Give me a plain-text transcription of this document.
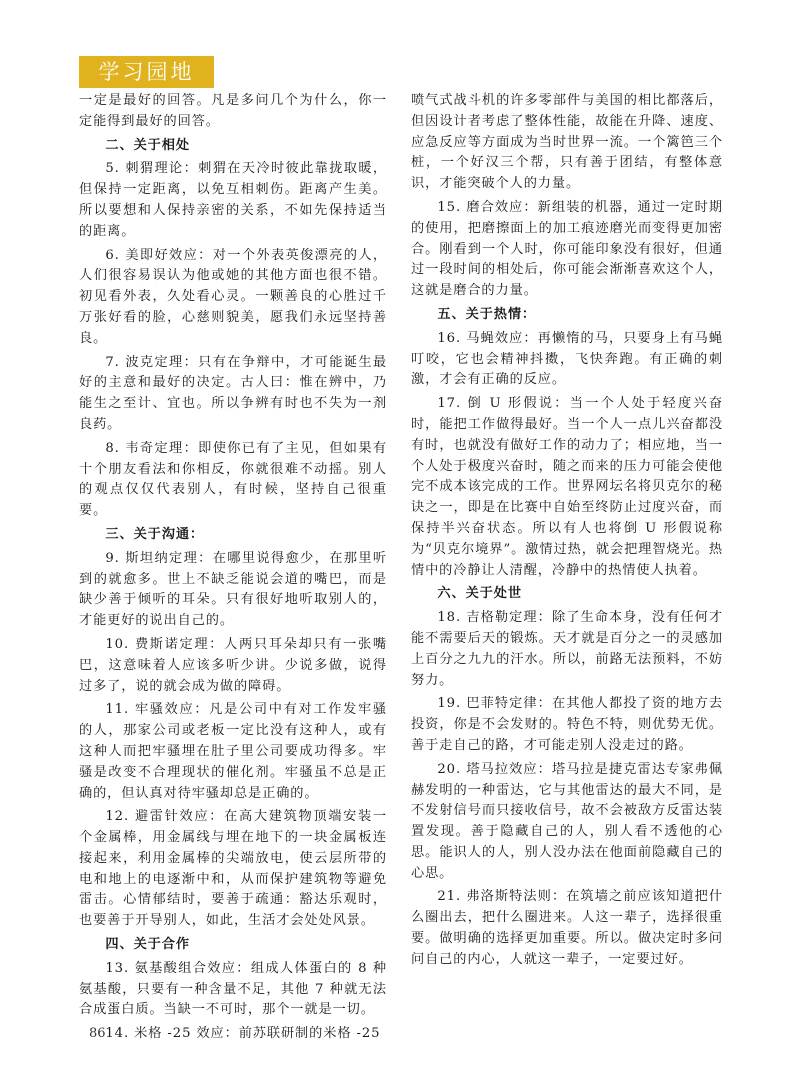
学习园地

一定是最好的回答。凡是多问几个为什么，你一定能得到最好的回答。

二、关于相处

5. 刺猬理论：刺猬在天冷时彼此靠拢取暖，但保持一定距离，以免互相刺伤。距离产生美。所以要想和人保持亲密的关系，不如先保持适当的距离。

6. 美即好效应：对一个外表英俊漂亮的人，人们很容易误认为他或她的其他方面也很不错。初见看外表，久处看心灵。一颗善良的心胜过千万张好看的脸，心慈则貌美，愿我们永远坚持善良。

7. 波克定理：只有在争辩中，才可能诞生最好的主意和最好的决定。古人曰：惟在辨中，乃能生之至计、宜也。所以争辨有时也不失为一剂良药。

8. 韦奇定理：即使你已有了主见，但如果有十个朋友看法和你相反，你就很难不动摇。别人的观点仅仅代表别人，有时候，坚持自己很重要。

三、关于沟通：

9. 斯坦纳定理：在哪里说得愈少，在那里听到的就愈多。世上不缺乏能说会道的嘴巴，而是缺少善于倾听的耳朵。只有很好地听取别人的，才能更好的说出自己的。

10. 费斯诺定理：人两只耳朵却只有一张嘴巴，这意味着人应该多听少讲。少说多做，说得过多了，说的就会成为做的障碍。

11. 牢骚效应：凡是公司中有对工作发牢骚的人，那家公司或老板一定比没有这种人，或有这种人而把牢骚埋在肚子里公司要成功得多。牢骚是改变不合理现状的催化剂。牢骚虽不总是正确的，但认真对待牢骚却总是正确的。

12. 避雷针效应：在高大建筑物顶端安装一个金属棒，用金属线与埋在地下的一块金属板连接起来，利用金属棒的尖端放电，使云层所带的电和地上的电逐渐中和，从而保护建筑物等避免雷击。心情郁结时，要善于疏通：豁达乐观时，也要善于开导别人，如此，生活才会处处风景。

四、关于合作

13. 氨基酸组合效应：组成人体蛋白的 8 种氨基酸，只要有一种含量不足，其他 7 种就无法合成蛋白质。当缺一不可时，那个一就是一切。

14. 米格 -25 效应：前苏联研制的米格 -25

喷气式战斗机的许多零部件与美国的相比都落后，但因设计者考虑了整体性能，故能在升降、速度、应急反应等方面成为当时世界一流。一个篱笆三个桩，一个好汉三个帮，只有善于团结，有整体意识，才能突破个人的力量。

15. 磨合效应：新组装的机器，通过一定时期的使用，把磨擦面上的加工痕迹磨光而变得更加密合。刚看到一个人时，你可能印象没有很好，但通过一段时间的相处后，你可能会渐渐喜欢这个人，这就是磨合的力量。

五、关于热情：

16. 马蝇效应：再懒惰的马，只要身上有马蝇叮咬，它也会精神抖擞，飞快奔跑。有正确的刺激，才会有正确的反应。

17. 倒 U 形假说：当一个人处于轻度兴奋时，能把工作做得最好。当一个人一点儿兴奋都没有时，也就没有做好工作的动力了；相应地，当一个人处于极度兴奋时，随之而来的压力可能会使他完不成本该完成的工作。世界网坛名将贝克尔的秘诀之一，即是在比赛中自始至终防止过度兴奋，而保持半兴奋状态。所以有人也将倒 U 形假说称为“贝克尔境界”。激情过热，就会把理智烧光。热情中的冷静让人清醒，冷静中的热情使人执着。

六、关于处世

18. 吉格勒定理：除了生命本身，没有任何才能不需要后天的锻炼。天才就是百分之一的灵感加上百分之九九的汗水。所以，前路无法预料，不妨努力。

19. 巴菲特定律：在其他人都投了资的地方去投资，你是不会发财的。特色不特，则优势无优。善于走自己的路，才可能走别人没走过的路。

20. 塔马拉效应：塔马拉是捷克雷达专家弗佩赫发明的一种雷达，它与其他雷达的最大不同，是不发射信号而只接收信号，故不会被敌方反雷达装置发现。善于隐藏自己的人，别人看不透他的心思。能识人的人，别人没办法在他面前隐藏自己的心思。

21. 弗洛斯特法则：在筑墙之前应该知道把什么圈出去，把什么圈进来。人这一辈子，选择很重要。做明确的选择更加重要。所以。做决定时多问问自己的内心，人就这一辈子，一定要过好。

86
